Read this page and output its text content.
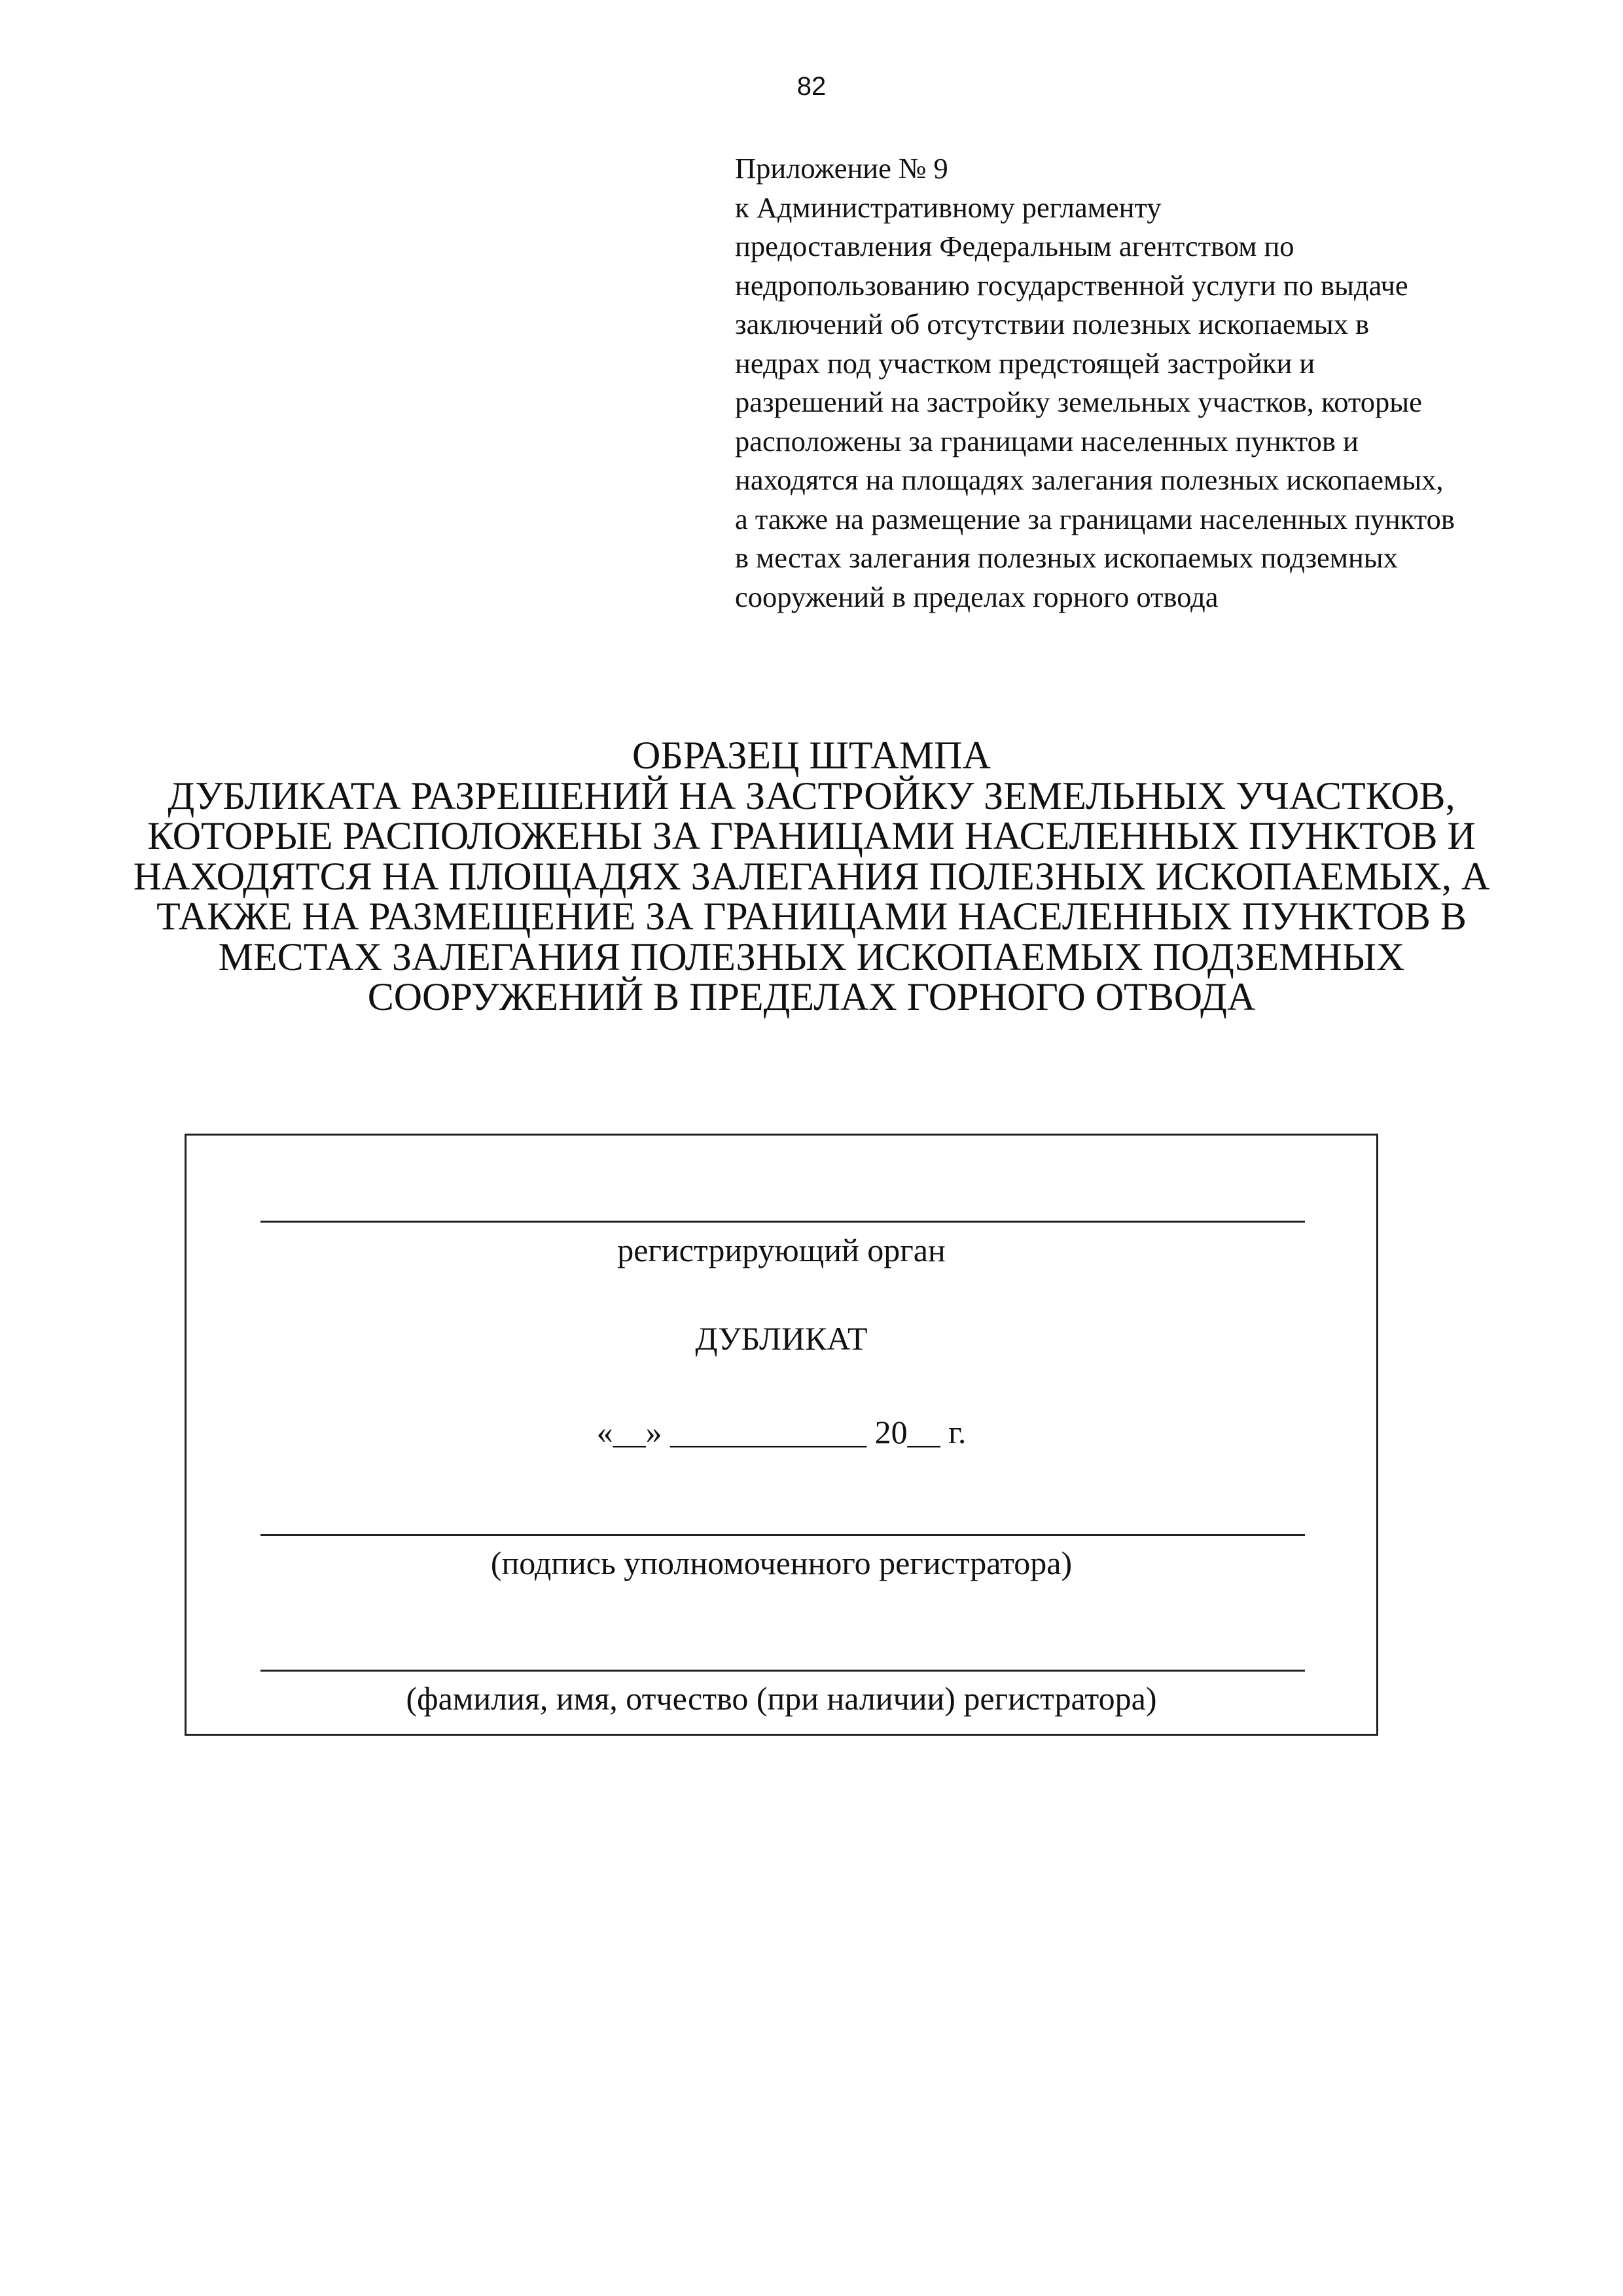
82
Приложение № 9
к Административному регламенту
предоставления Федеральным агентством по
недропользованию государственной услуги по выдаче
заключений об отсутствии полезных ископаемых в
недрах под участком предстоящей застройки и
разрешений на застройку земельных участков, которые
расположены за границами населенных пунктов и
находятся на площадях залегания полезных ископаемых,
а также на размещение за границами населенных пунктов
в местах залегания полезных ископаемых подземных
сооружений в пределах горного отвода
ОБРАЗЕЦ ШТАМПА
ДУБЛИКАТА РАЗРЕШЕНИЙ НА ЗАСТРОЙКУ ЗЕМЕЛЬНЫХ УЧАСТКОВ,
КОТОРЫЕ РАСПОЛОЖЕНЫ ЗА ГРАНИЦАМИ НАСЕЛЕННЫХ ПУНКТОВ И
НАХОДЯТСЯ НА ПЛОЩАДЯХ ЗАЛЕГАНИЯ ПОЛЕЗНЫХ ИСКОПАЕМЫХ, А
ТАКЖЕ НА РАЗМЕЩЕНИЕ ЗА ГРАНИЦАМИ НАСЕЛЕННЫХ ПУНКТОВ В
МЕСТАХ ЗАЛЕГАНИЯ ПОЛЕЗНЫХ ИСКОПАЕМЫХ ПОДЗЕМНЫХ
СООРУЖЕНИЙ В ПРЕДЕЛАХ ГОРНОГО ОТВОДА
регистрирующий орган
ДУБЛИКАТ
«__» ____________ 20__ г.
(подпись уполномоченного регистратора)
(фамилия, имя, отчество (при наличии) регистратора)
